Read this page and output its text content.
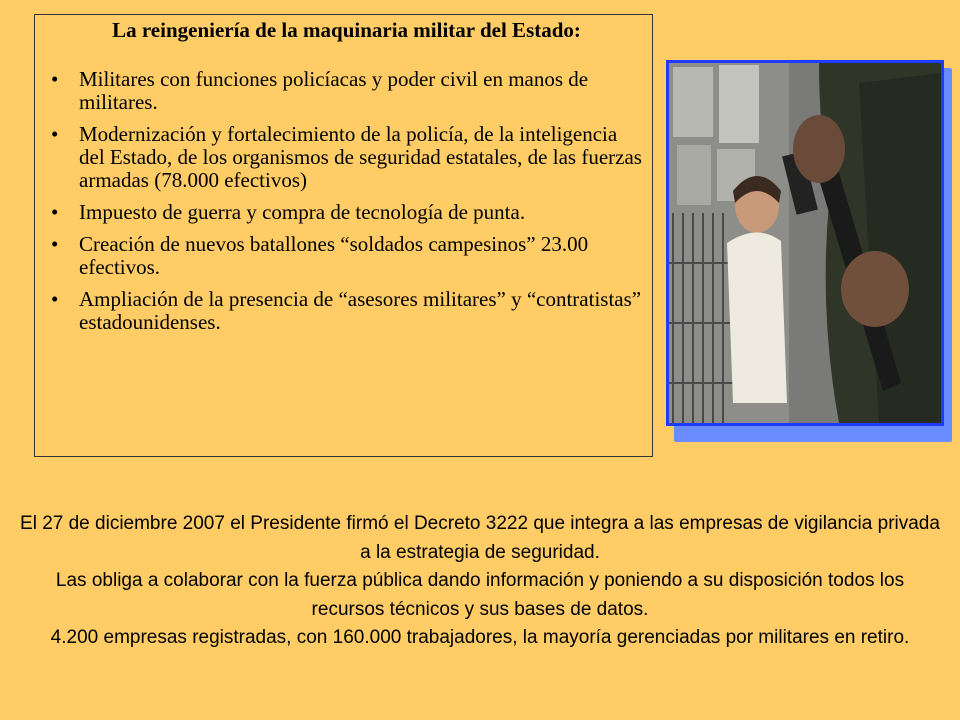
La reingeniería de la maquinaria militar del Estado:
• Militares con funciones policíacas y poder civil en manos de militares.
• Modernización y fortalecimiento de la policía, de la inteligencia del Estado, de los organismos de seguridad estatales, de las fuerzas armadas (78.000 efectivos)
• Impuesto de guerra y compra de tecnología de punta.
• Creación de nuevos batallones “soldados campesinos” 23.00 efectivos.
• Ampliación de la presencia de “asesores militares” y “contratistas” estadounidenses.

El 27 de diciembre 2007 el Presidente firmó el Decreto 3222 que integra a las empresas de vigilancia privada a la estrategia de seguridad.

Las obliga a colaborar con la fuerza pública dando información y poniendo a su disposición todos los recursos técnicos y sus bases de datos.

4.200 empresas registradas, con 160.000 trabajadores, la mayoría gerenciadas por militares en retiro.
